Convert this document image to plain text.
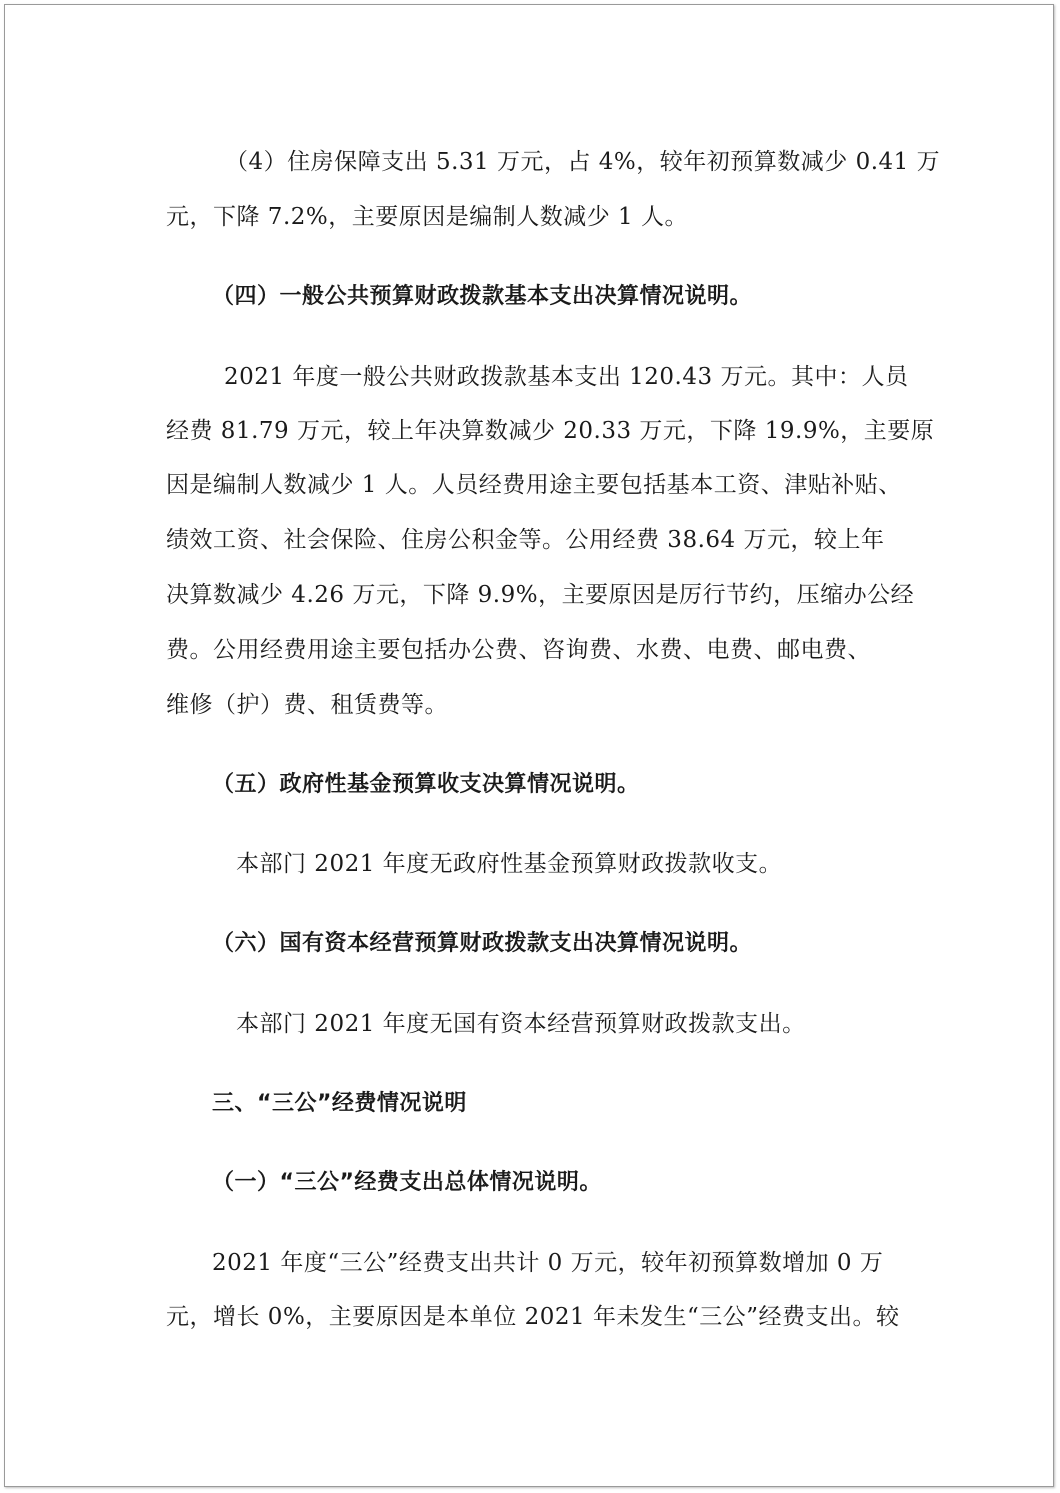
（4）住房保障支出 5.31 万元，占 4%，较年初预算数减少 0.41 万
元，下降 7.2%，主要原因是编制人数减少 1 人。
（四）一般公共预算财政拨款基本支出决算情况说明。
2021 年度一般公共财政拨款基本支出 120.43 万元。其中：人员
经费 81.79 万元，较上年决算数减少 20.33 万元，下降 19.9%，主要原
因是编制人数减少 1 人。人员经费用途主要包括基本工资、津贴补贴、
绩效工资、社会保险、住房公积金等。公用经费 38.64 万元，较上年
决算数减少 4.26 万元，下降 9.9%，主要原因是厉行节约，压缩办公经
费。公用经费用途主要包括办公费、咨询费、水费、电费、邮电费、
维修（护）费、租赁费等。
（五）政府性基金预算收支决算情况说明。
本部门 2021 年度无政府性基金预算财政拨款收支。
（六）国有资本经营预算财政拨款支出决算情况说明。
本部门 2021 年度无国有资本经营预算财政拨款支出。
三、“三公”经费情况说明
（一）“三公”经费支出总体情况说明。
2021 年度“三公”经费支出共计 0 万元，较年初预算数增加 0 万
元，增长 0%，主要原因是本单位 2021 年未发生“三公”经费支出。较
